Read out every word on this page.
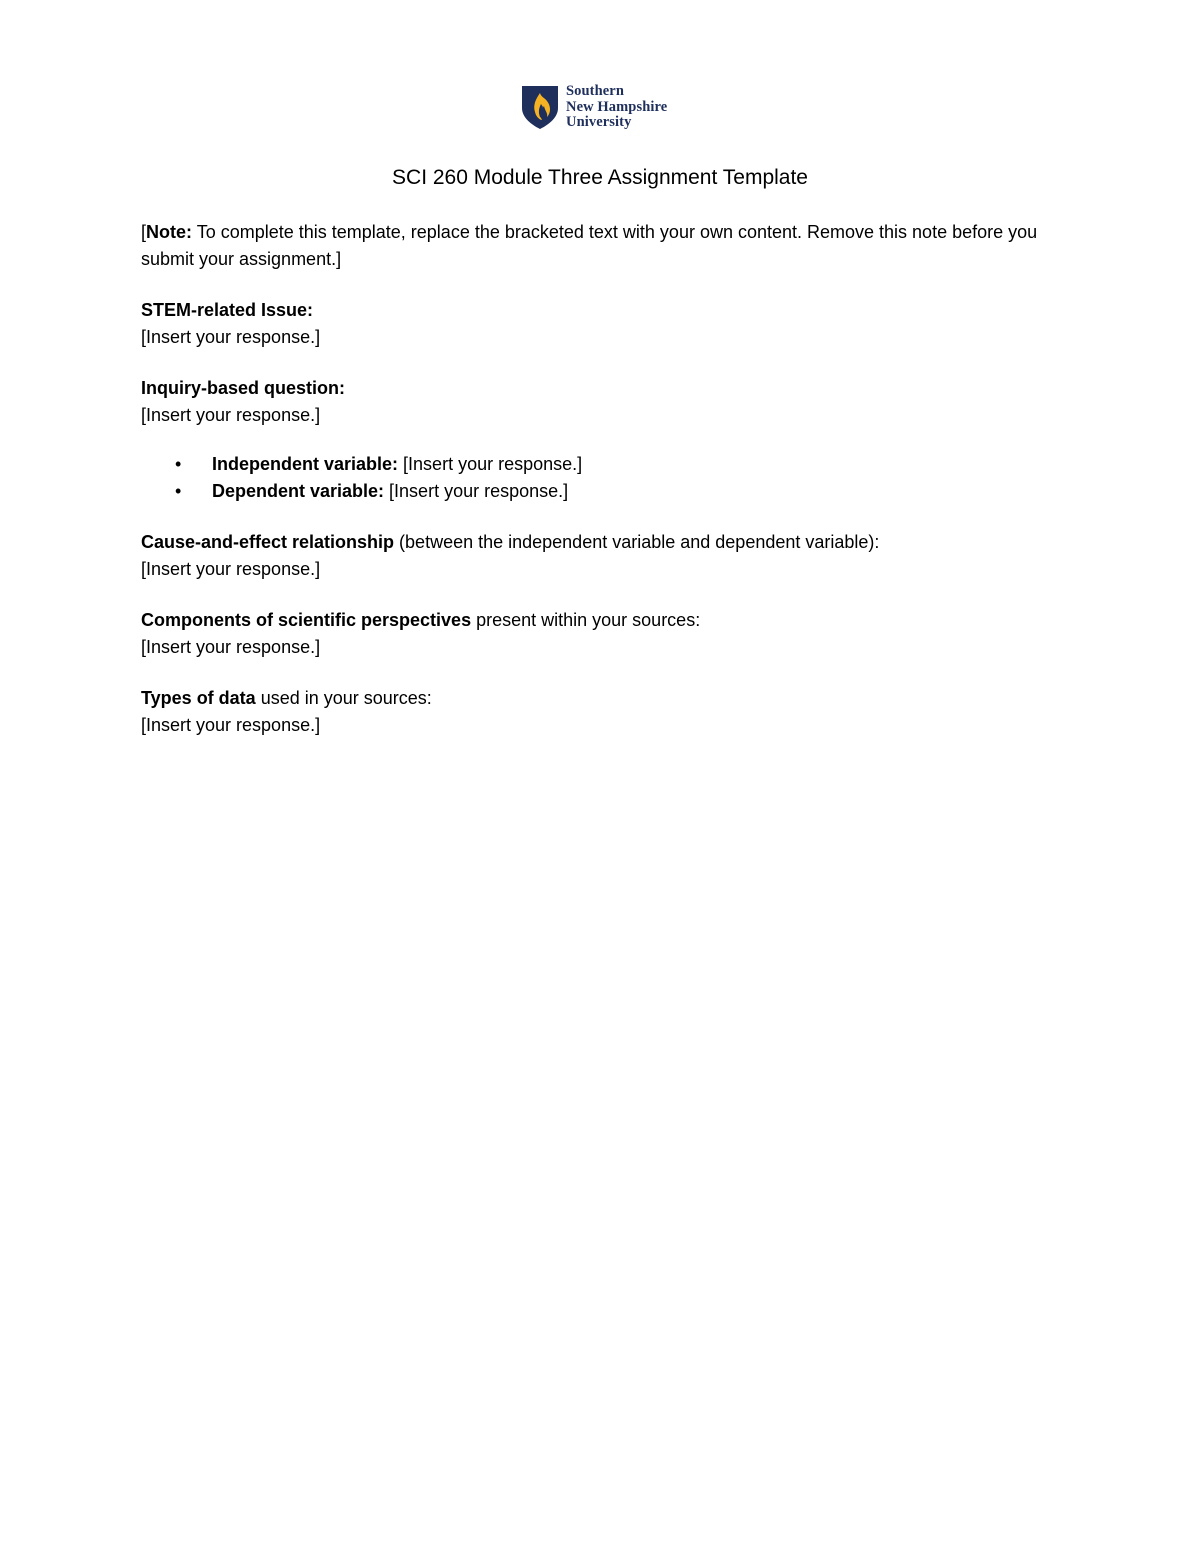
Southern
New Hampshire
University
SCI 260 Module Three Assignment Template

[Note: To complete this template, replace the bracketed text with your own content. Remove this note before you submit your assignment.]

STEM-related Issue:

[Insert your response.]

Inquiry-based question:

[Insert your response.]

• Independent variable: [Insert your response.]
• Dependent variable: [Insert your response.]

Cause-and-effect relationship (between the independent variable and dependent variable):

[Insert your response.]

Components of scientific perspectives present within your sources:

[Insert your response.]

Types of data used in your sources:

[Insert your response.]
